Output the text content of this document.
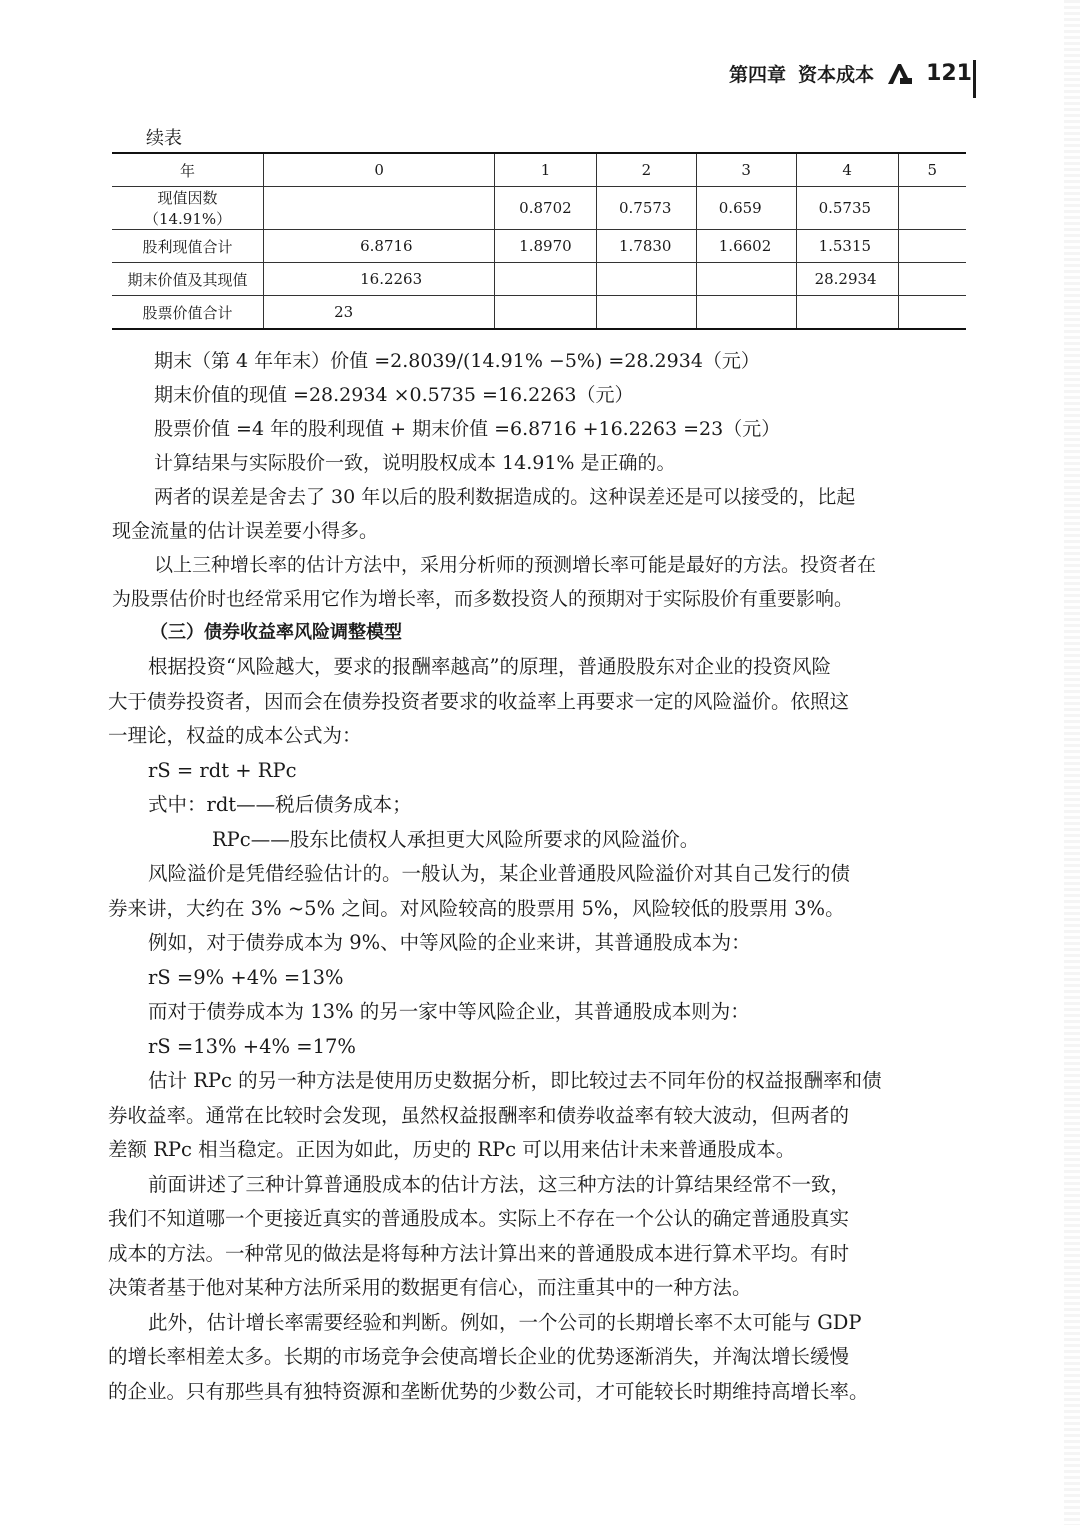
第四章 资本成本 121
续表
年	0	1	2	3	4	5
现值因数（14.91%）		0.8702	0.7573	0.659	0.5735	
股利现值合计	6.8716	1.8970	1.7830	1.6602	1.5315	
期末价值及其现值	16.2263				28.2934	
股票价值合计	23					
期末（第 4 年年末）价值 =2.8039/(14.91% −5%) =28.2934（元）
期末价值的现值 =28.2934 ×0.5735 =16.2263（元）
股票价值 =4 年的股利现值 + 期末价值 =6.8716 +16.2263 =23（元）
计算结果与实际股价一致，说明股权成本 14.91% 是正确的。
两者的误差是舍去了 30 年以后的股利数据造成的。这种误差还是可以接受的，比起
现金流量的估计误差要小得多。
以上三种增长率的估计方法中，采用分析师的预测增长率可能是最好的方法。投资者在
为股票估价时也经常采用它作为增长率，而多数投资人的预期对于实际股价有重要影响。
（三）债券收益率风险调整模型
根据投资“风险越大，要求的报酬率越高”的原理，普通股股东对企业的投资风险
大于债券投资者，因而会在债券投资者要求的收益率上再要求一定的风险溢价。依照这
一理论，权益的成本公式为：
rS = rdt + RPc
式中：rdt——税后债务成本；
RPc——股东比债权人承担更大风险所要求的风险溢价。
风险溢价是凭借经验估计的。一般认为，某企业普通股风险溢价对其自己发行的债
券来讲，大约在 3% ~5% 之间。对风险较高的股票用 5%，风险较低的股票用 3%。
例如，对于债券成本为 9%、中等风险的企业来讲，其普通股成本为：
rS =9% +4% =13%
而对于债券成本为 13% 的另一家中等风险企业，其普通股成本则为：
rS =13% +4% =17%
估计 RPc 的另一种方法是使用历史数据分析，即比较过去不同年份的权益报酬率和债
券收益率。通常在比较时会发现，虽然权益报酬率和债券收益率有较大波动，但两者的
差额 RPc 相当稳定。正因为如此，历史的 RPc 可以用来估计未来普通股成本。
前面讲述了三种计算普通股成本的估计方法，这三种方法的计算结果经常不一致，
我们不知道哪一个更接近真实的普通股成本。实际上不存在一个公认的确定普通股真实
成本的方法。一种常见的做法是将每种方法计算出来的普通股成本进行算术平均。有时
决策者基于他对某种方法所采用的数据更有信心，而注重其中的一种方法。
此外，估计增长率需要经验和判断。例如，一个公司的长期增长率不太可能与 GDP
的增长率相差太多。长期的市场竞争会使高增长企业的优势逐渐消失，并淘汰增长缓慢
的企业。只有那些具有独特资源和垄断优势的少数公司，才可能较长时期维持高增长率。
